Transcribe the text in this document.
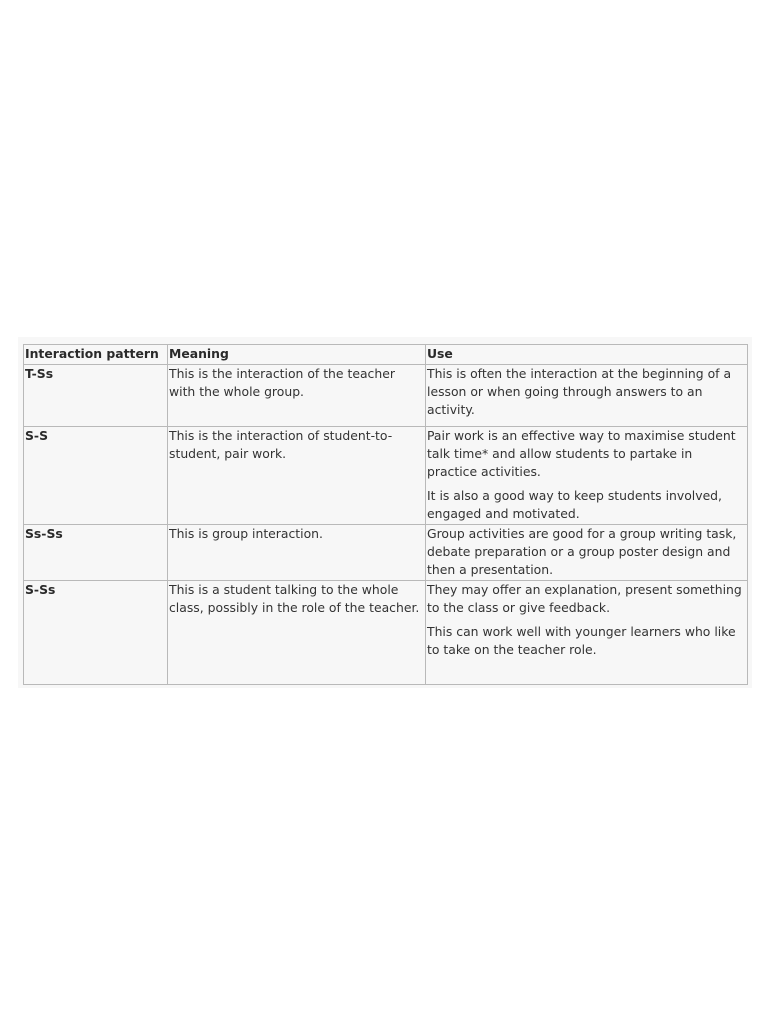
Interaction pattern	Meaning	Use
T-Ss	This is the interaction of the teacher with the whole group.	This is often the interaction at the beginning of a lesson or when going through answers to an activity.

S-S	This is the interaction of student-to-student, pair work.	Pair work is an effective way to maximise student talk time* and allow students to partake in practice activities.

It is also a good way to keep students involved, engaged and motivated.

Ss-Ss	This is group interaction.	Group activities are good for a group writing task, debate preparation or a group poster design and then a presentation.

S-Ss	This is a student talking to the whole class, possibly in the role of the teacher.	They may offer an explanation, present something to the class or give feedback.

This can work well with younger learners who like to take on the teacher role.
